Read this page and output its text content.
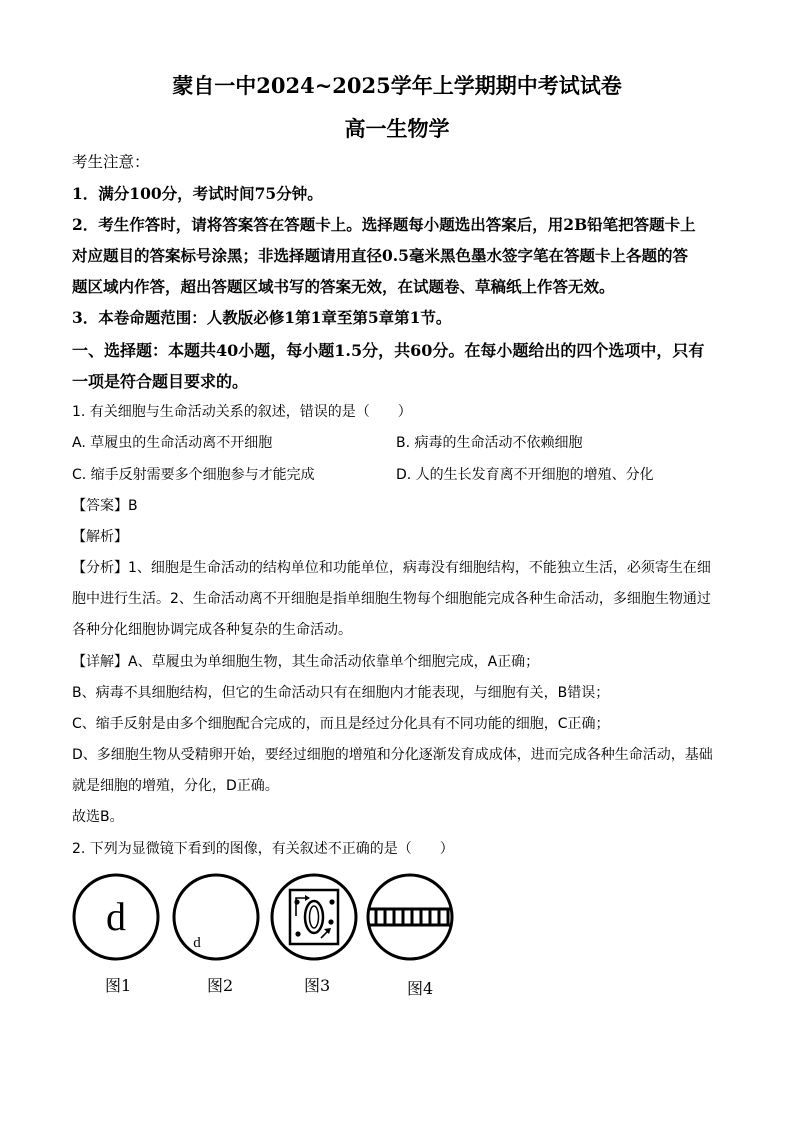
蒙自一中2024~2025学年上学期期中考试试卷
高一生物学
考生注意：
1．满分100分，考试时间75分钟。
2．考生作答时，请将答案答在答题卡上。选择题每小题选出答案后，用2B铅笔把答题卡上
对应题目的答案标号涂黑；非选择题请用直径0.5毫米黑色墨水签字笔在答题卡上各题的答
题区域内作答，超出答题区域书写的答案无效，在试题卷、草稿纸上作答无效。
3．本卷命题范围：人教版必修1第1章至第5章第1节。
一、选择题：本题共40小题，每小题1.5分，共60分。在每小题给出的四个选项中，只有
一项是符合题目要求的。
1. 有关细胞与生命活动关系的叙述，错误的是（　　）
A. 草履虫的生命活动离不开细胞	B. 病毒的生命活动不依赖细胞
C. 缩手反射需要多个细胞参与才能完成	D. 人的生长发育离不开细胞的增殖、分化
【答案】B
【解析】
【分析】1、细胞是生命活动的结构单位和功能单位，病毒没有细胞结构，不能独立生活，必须寄生在细
胞中进行生活。2、生命活动离不开细胞是指单细胞生物每个细胞能完成各种生命活动，多细胞生物通过
各种分化细胞协调完成各种复杂的生命活动。
【详解】A、草履虫为单细胞生物，其生命活动依靠单个细胞完成，A正确；
B、病毒不具细胞结构，但它的生命活动只有在细胞内才能表现，与细胞有关，B错误；
C、缩手反射是由多个细胞配合完成的，而且是经过分化具有不同功能的细胞，C正确；
D、多细胞生物从受精卵开始，要经过细胞的增殖和分化逐渐发育成成体，进而完成各种生命活动，基础
就是细胞的增殖，分化，D正确。
故选B。
2. 下列为显微镜下看到的图像，有关叙述不正确的是（　　）
d
d
图1	图2	图3	图4
